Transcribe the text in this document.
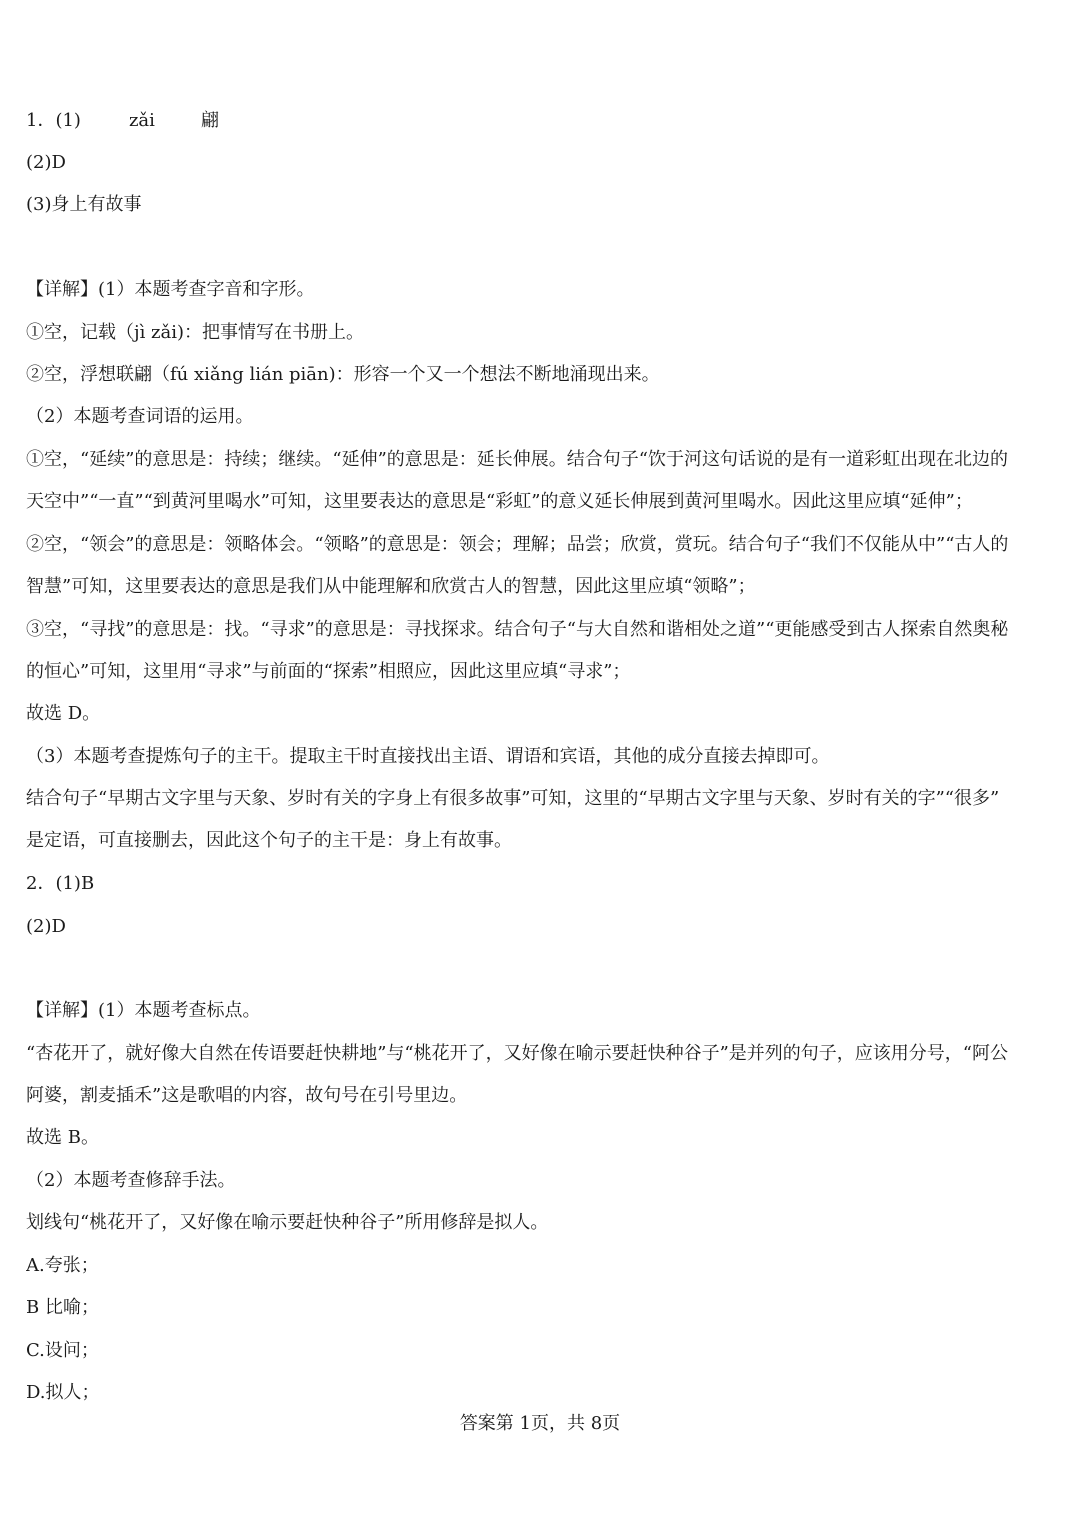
1．(1)	zǎi	翩
(2)D
(3)身上有故事
【详解】(1）本题考查字音和字形。
①空，记载（jì zǎi)：把事情写在书册上。
②空，浮想联翩（fú xiǎng lián piān)：形容一个又一个想法不断地涌现出来。
（2）本题考查词语的运用。
①空，“延续”的意思是：持续；继续。“延伸”的意思是：延长伸展。结合句子“饮于河这句话说的是有一道彩虹出现在北边的
天空中”“一直”“到黄河里喝水”可知，这里要表达的意思是“彩虹”的意义延长伸展到黄河里喝水。因此这里应填“延伸”；
②空，“领会”的意思是：领略体会。“领略”的意思是：领会；理解；品尝；欣赏，赏玩。结合句子“我们不仅能从中”“古人的
智慧”可知，这里要表达的意思是我们从中能理解和欣赏古人的智慧，因此这里应填“领略”；
③空，“寻找”的意思是：找。“寻求”的意思是：寻找探求。结合句子“与大自然和谐相处之道”“更能感受到古人探索自然奥秘
的恒心”可知，这里用“寻求”与前面的“探索”相照应，因此这里应填“寻求”；
故选 D。
（3）本题考查提炼句子的主干。提取主干时直接找出主语、谓语和宾语，其他的成分直接去掉即可。
结合句子“早期古文字里与天象、岁时有关的字身上有很多故事”可知，这里的“早期古文字里与天象、岁时有关的字”“很多”
是定语，可直接删去，因此这个句子的主干是：身上有故事。
2．(1)B
(2)D
【详解】(1）本题考查标点。
“杏花开了，就好像大自然在传语要赶快耕地”与“桃花开了，又好像在喻示要赶快种谷子”是并列的句子，应该用分号，“阿公
阿婆，割麦插禾”这是歌唱的内容，故句号在引号里边。
故选 B。
（2）本题考查修辞手法。
划线句“桃花开了，又好像在喻示要赶快种谷子”所用修辞是拟人。
A.夸张；
B 比喻；
C.设问；
D.拟人；
答案第 1页，共 8页
